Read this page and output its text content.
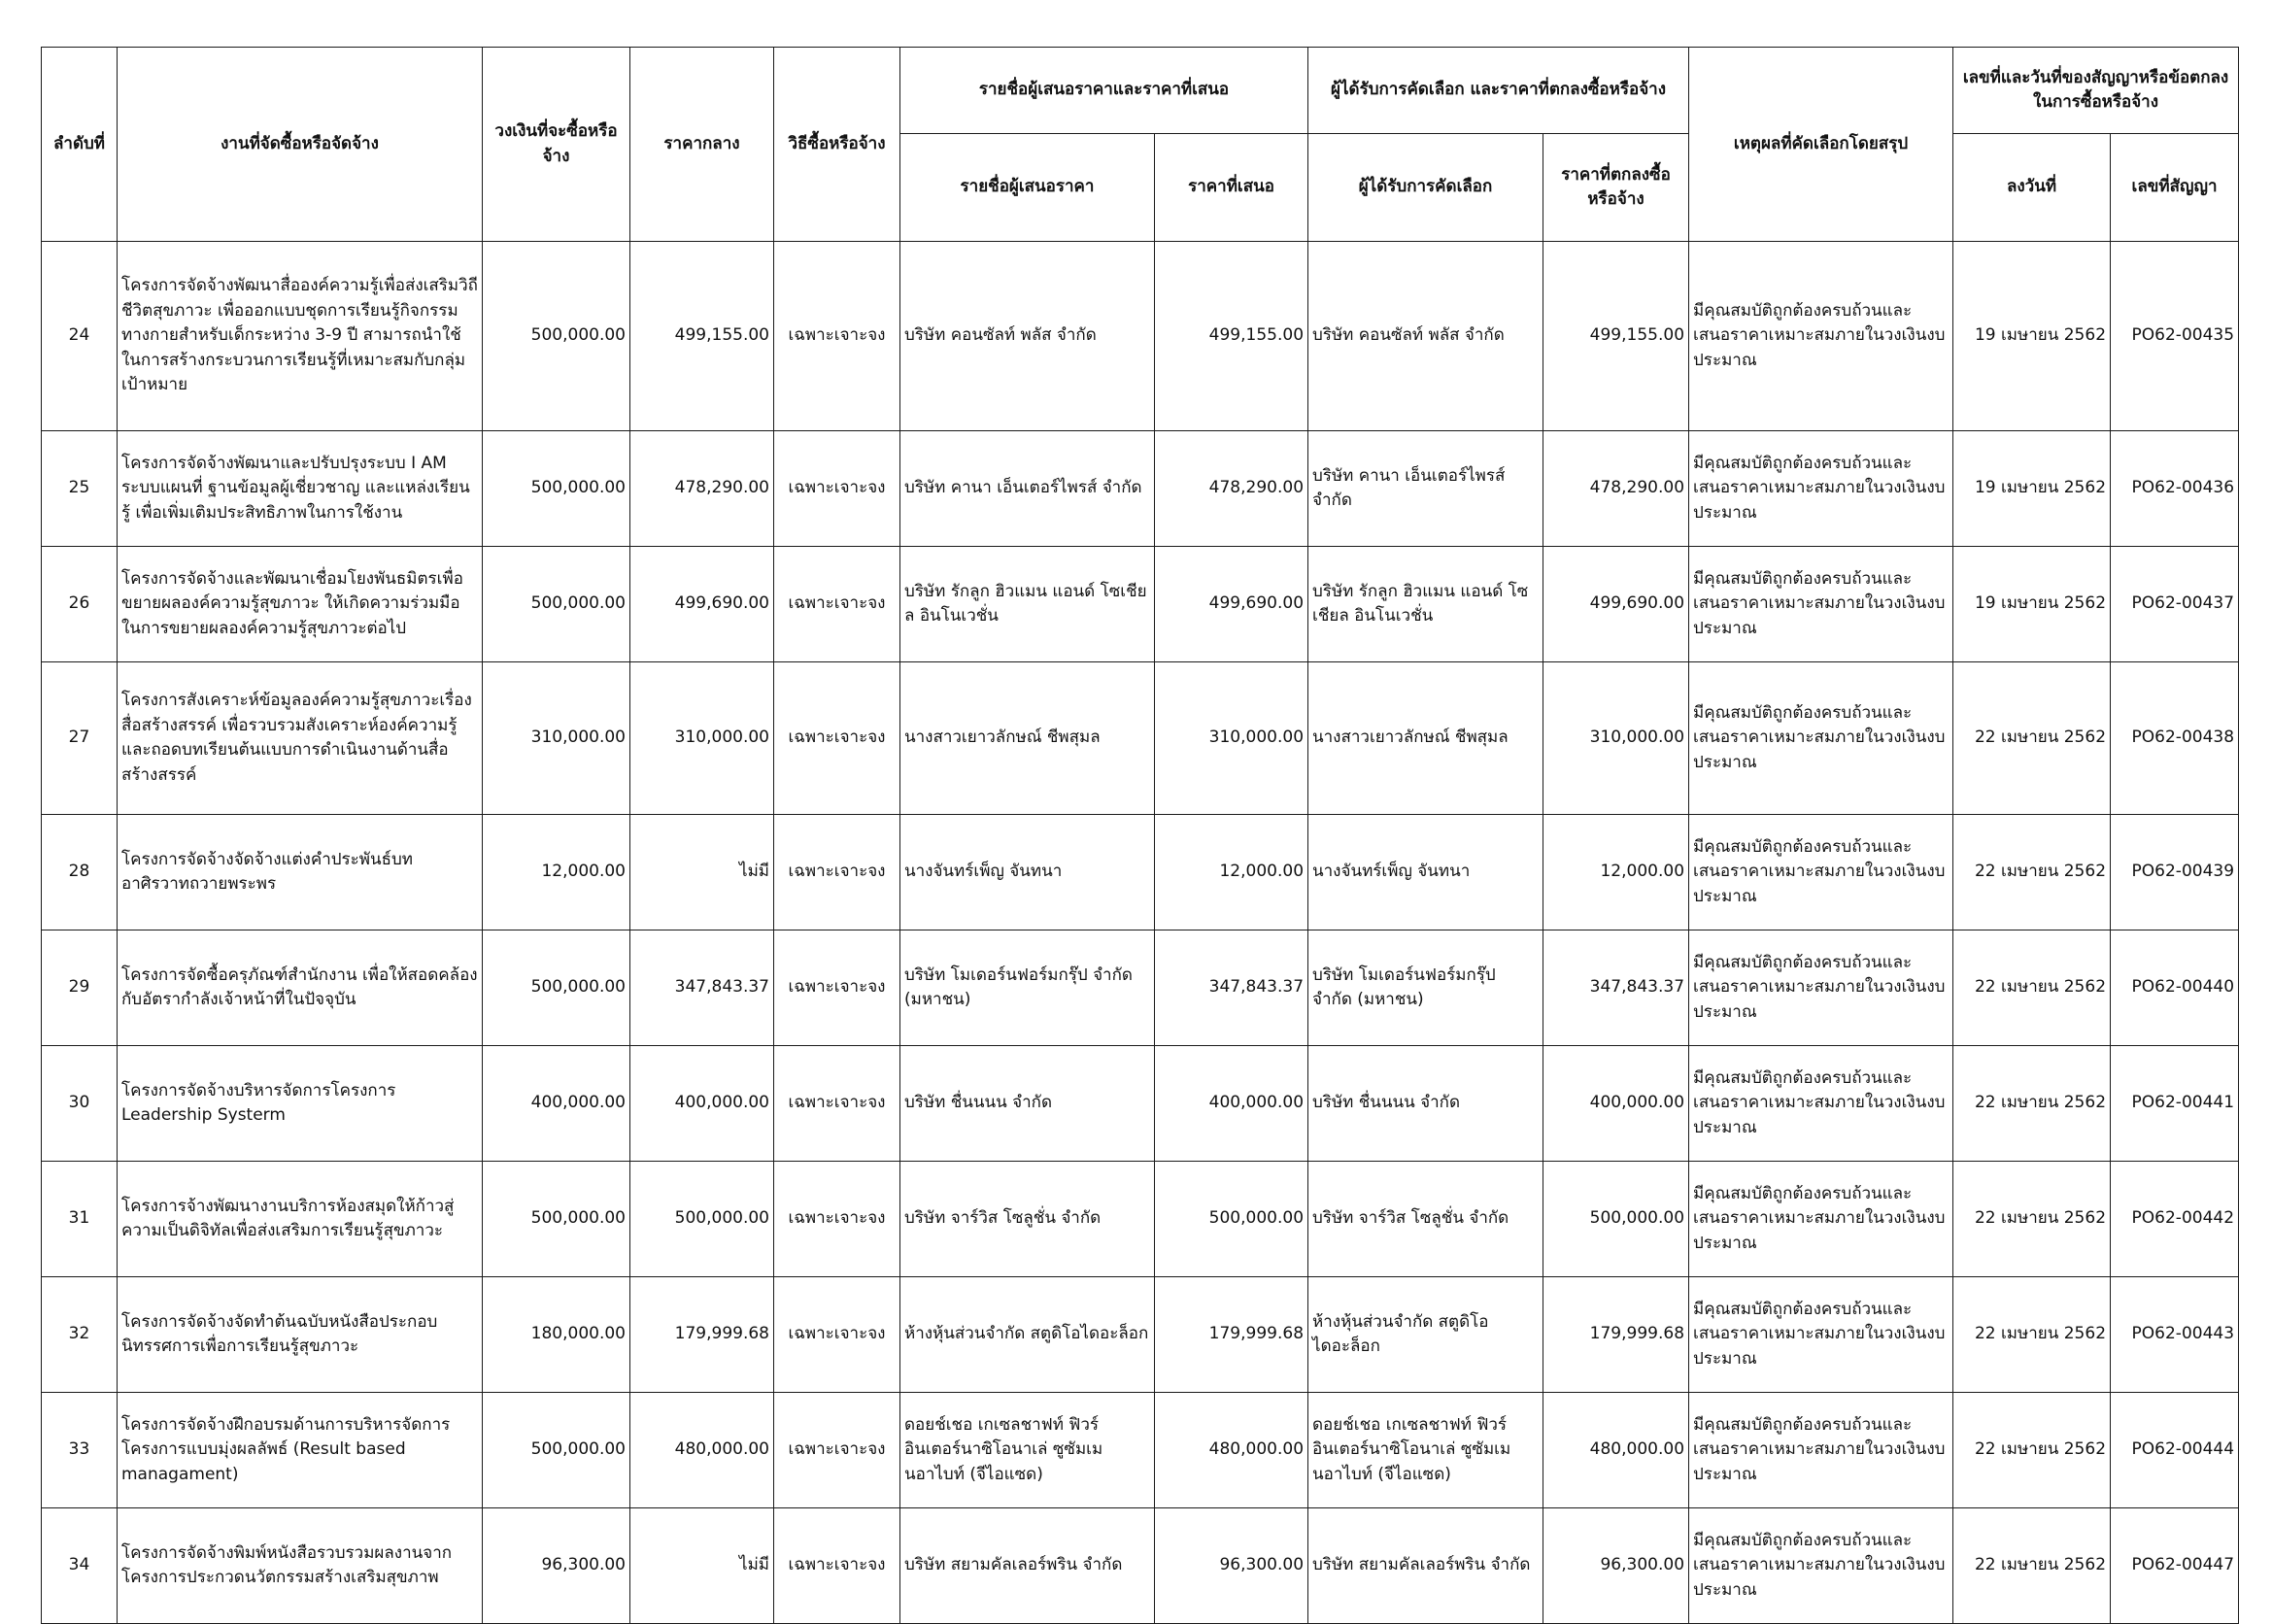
ลำดับที่	งานที่จัดซื้อหรือจัดจ้าง	วงเงินที่จะซื้อหรือจ้าง	ราคากลาง	วิธีซื้อหรือจ้าง	รายชื่อผู้เสนอราคาและราคาที่เสนอ		ผู้ได้รับการคัดเลือก และราคาที่ตกลงซื้อหรือจ้าง		เหตุผลที่คัดเลือกโดยสรุป	เลขที่และวันที่ของสัญญาหรือข้อตกลงในการซื้อหรือจ้าง	
					รายชื่อผู้เสนอราคา	ราคาที่เสนอ	ผู้ได้รับการคัดเลือก	ราคาที่ตกลงซื้อหรือจ้าง		ลงวันที่	เลขที่สัญญา
24	โครงการจัดจ้างพัฒนาสื่อองค์ความรู้เพื่อส่งเสริมวิถีชีวิตสุขภาวะ เพื่อออกแบบชุดการเรียนรู้กิจกรรมทางกายสำหรับเด็กระหว่าง 3-9 ปี สามารถนำใช้ในการสร้างกระบวนการเรียนรู้ที่เหมาะสมกับกลุ่มเป้าหมาย	500,000.00	499,155.00	เฉพาะเจาะจง	บริษัท คอนซัลท์ พลัส จำกัด	499,155.00	บริษัท คอนซัลท์ พลัส จำกัด	499,155.00	มีคุณสมบัติถูกต้องครบถ้วนและเสนอราคาเหมาะสมภายในวงเงินงบประมาณ	19 เมษายน 2562	PO62-00435
25	โครงการจัดจ้างพัฒนาและปรับปรุงระบบ I AM ระบบแผนที่ ฐานข้อมูลผู้เชี่ยวชาญ และแหล่งเรียนรู้ เพื่อเพิ่มเติมประสิทธิภาพในการใช้งาน	500,000.00	478,290.00	เฉพาะเจาะจง	บริษัท คานา เอ็นเตอร์ไพรส์ จำกัด	478,290.00	บริษัท คานา เอ็นเตอร์ไพรส์ จำกัด	478,290.00	มีคุณสมบัติถูกต้องครบถ้วนและเสนอราคาเหมาะสมภายในวงเงินงบประมาณ	19 เมษายน 2562	PO62-00436
26	โครงการจัดจ้างและพัฒนาเชื่อมโยงพันธมิตรเพื่อขยายผลองค์ความรู้สุขภาวะ ให้เกิดความร่วมมือในการขยายผลองค์ความรู้สุขภาวะต่อไป	500,000.00	499,690.00	เฉพาะเจาะจง	บริษัท รักลูก ฮิวแมน แอนด์ โซเชียล อินโนเวชั่น	499,690.00	บริษัท รักลูก ฮิวแมน แอนด์ โซเชียล อินโนเวชั่น	499,690.00	มีคุณสมบัติถูกต้องครบถ้วนและเสนอราคาเหมาะสมภายในวงเงินงบประมาณ	19 เมษายน 2562	PO62-00437
27	โครงการสังเคราะห์ข้อมูลองค์ความรู้สุขภาวะเรื่องสื่อสร้างสรรค์ เพื่อรวบรวมสังเคราะห์องค์ความรู้ และถอดบทเรียนต้นแบบการดำเนินงานด้านสื่อสร้างสรรค์	310,000.00	310,000.00	เฉพาะเจาะจง	นางสาวเยาวลักษณ์ ชีพสุมล	310,000.00	นางสาวเยาวลักษณ์ ชีพสุมล	310,000.00	มีคุณสมบัติถูกต้องครบถ้วนและเสนอราคาเหมาะสมภายในวงเงินงบประมาณ	22 เมษายน 2562	PO62-00438
28	โครงการจัดจ้างจัดจ้างแต่งคำประพันธ์บทอาศิรวาทถวายพระพร	12,000.00	ไม่มี	เฉพาะเจาะจง	นางจันทร์เพ็ญ จันทนา	12,000.00	นางจันทร์เพ็ญ จันทนา	12,000.00	มีคุณสมบัติถูกต้องครบถ้วนและเสนอราคาเหมาะสมภายในวงเงินงบประมาณ	22 เมษายน 2562	PO62-00439
29	โครงการจัดซื้อครุภัณฑ์สำนักงาน เพื่อให้สอดคล้องกับอัตรากำลังเจ้าหน้าที่ในปัจจุบัน	500,000.00	347,843.37	เฉพาะเจาะจง	บริษัท โมเดอร์นฟอร์มกรุ๊ป จำกัด (มหาชน)	347,843.37	บริษัท โมเดอร์นฟอร์มกรุ๊ป จำกัด (มหาชน)	347,843.37	มีคุณสมบัติถูกต้องครบถ้วนและเสนอราคาเหมาะสมภายในวงเงินงบประมาณ	22 เมษายน 2562	PO62-00440
30	โครงการจัดจ้างบริหารจัดการโครงการ Leadership Systerm	400,000.00	400,000.00	เฉพาะเจาะจง	บริษัท ชื่นนนน จำกัด	400,000.00	บริษัท ชื่นนนน จำกัด	400,000.00	มีคุณสมบัติถูกต้องครบถ้วนและเสนอราคาเหมาะสมภายในวงเงินงบประมาณ	22 เมษายน 2562	PO62-00441
31	โครงการจ้างพัฒนางานบริการห้องสมุดให้ก้าวสู่ความเป็นดิจิทัลเพื่อส่งเสริมการเรียนรู้สุขภาวะ	500,000.00	500,000.00	เฉพาะเจาะจง	บริษัท จาร์วิส โซลูชั่น จำกัด	500,000.00	บริษัท จาร์วิส โซลูชั่น จำกัด	500,000.00	มีคุณสมบัติถูกต้องครบถ้วนและเสนอราคาเหมาะสมภายในวงเงินงบประมาณ	22 เมษายน 2562	PO62-00442
32	โครงการจัดจ้างจัดทำต้นฉบับหนังสือประกอบนิทรรศการเพื่อการเรียนรู้สุขภาวะ	180,000.00	179,999.68	เฉพาะเจาะจง	ห้างหุ้นส่วนจำกัด สตูดิโอไดอะล็อก	179,999.68	ห้างหุ้นส่วนจำกัด สตูดิโอไดอะล็อก	179,999.68	มีคุณสมบัติถูกต้องครบถ้วนและเสนอราคาเหมาะสมภายในวงเงินงบประมาณ	22 เมษายน 2562	PO62-00443
33	โครงการจัดจ้างฝึกอบรมด้านการบริหารจัดการโครงการแบบมุ่งผลลัพธ์ (Result based managament)	500,000.00	480,000.00	เฉพาะเจาะจง	ดอยช์เชอ เกเซลชาฟท์ ฟิวร์ อินเตอร์นาซิโอนาเล่ ซูซัมเมนอาไบท์ (จีไอแซด)	480,000.00	ดอยช์เชอ เกเซลชาฟท์ ฟิวร์ อินเตอร์นาซิโอนาเล่ ซูซัมเมนอาไบท์ (จีไอแซด)	480,000.00	มีคุณสมบัติถูกต้องครบถ้วนและเสนอราคาเหมาะสมภายในวงเงินงบประมาณ	22 เมษายน 2562	PO62-00444
34	โครงการจัดจ้างพิมพ์หนังสือรวบรวมผลงานจากโครงการประกวดนวัตกรรมสร้างเสริมสุขภาพ	96,300.00	ไม่มี	เฉพาะเจาะจง	บริษัท สยามคัลเลอร์พริน จำกัด	96,300.00	บริษัท สยามคัลเลอร์พริน จำกัด	96,300.00	มีคุณสมบัติถูกต้องครบถ้วนและเสนอราคาเหมาะสมภายในวงเงินงบประมาณ	22 เมษายน 2562	PO62-00447
